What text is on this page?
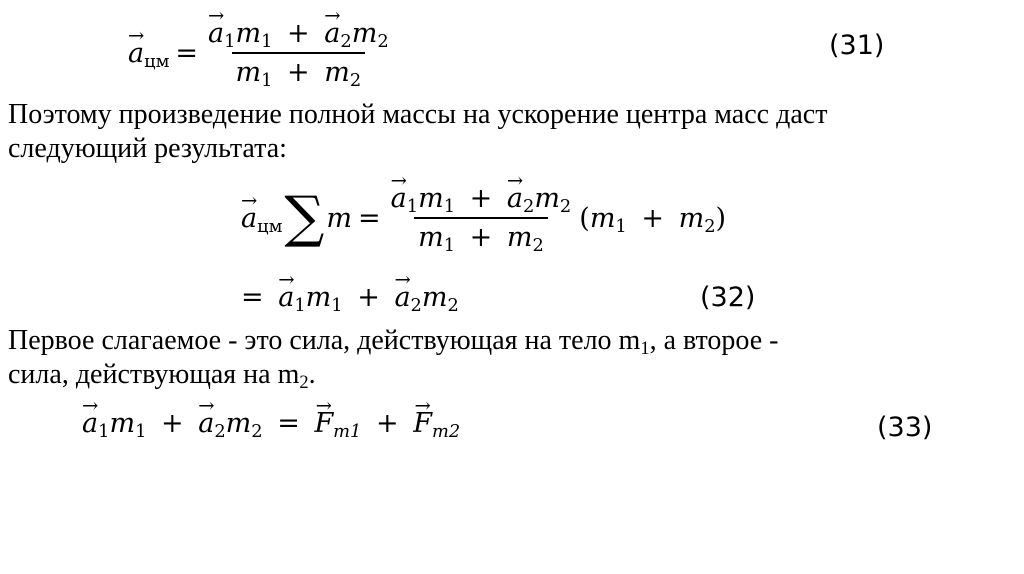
→ $a_{цм}$ = → $\frac{a_1m_1 + \to a_2m_2}{m_1 + m_2}$	(31)
Поэтому произведение полной массы на ускорение центра масс даст
следующий результата:
→ $a_{цм}$ ∑ m = → $\frac{a_1m_1 + \to a_2m_2}{m_1 + m_2} (m_1 + m_2)$
= → $a_1m_1$ + → $a_2m_2$	(32)
Первое слагаемое - это сила, действующая на тело $m_1$, а второе -
сила, действующая на $m_2$.
→ $a_1m_1$ + → $a_2m_2$ = → $F_{m1}$ + → $F_{m2}$	(33)
